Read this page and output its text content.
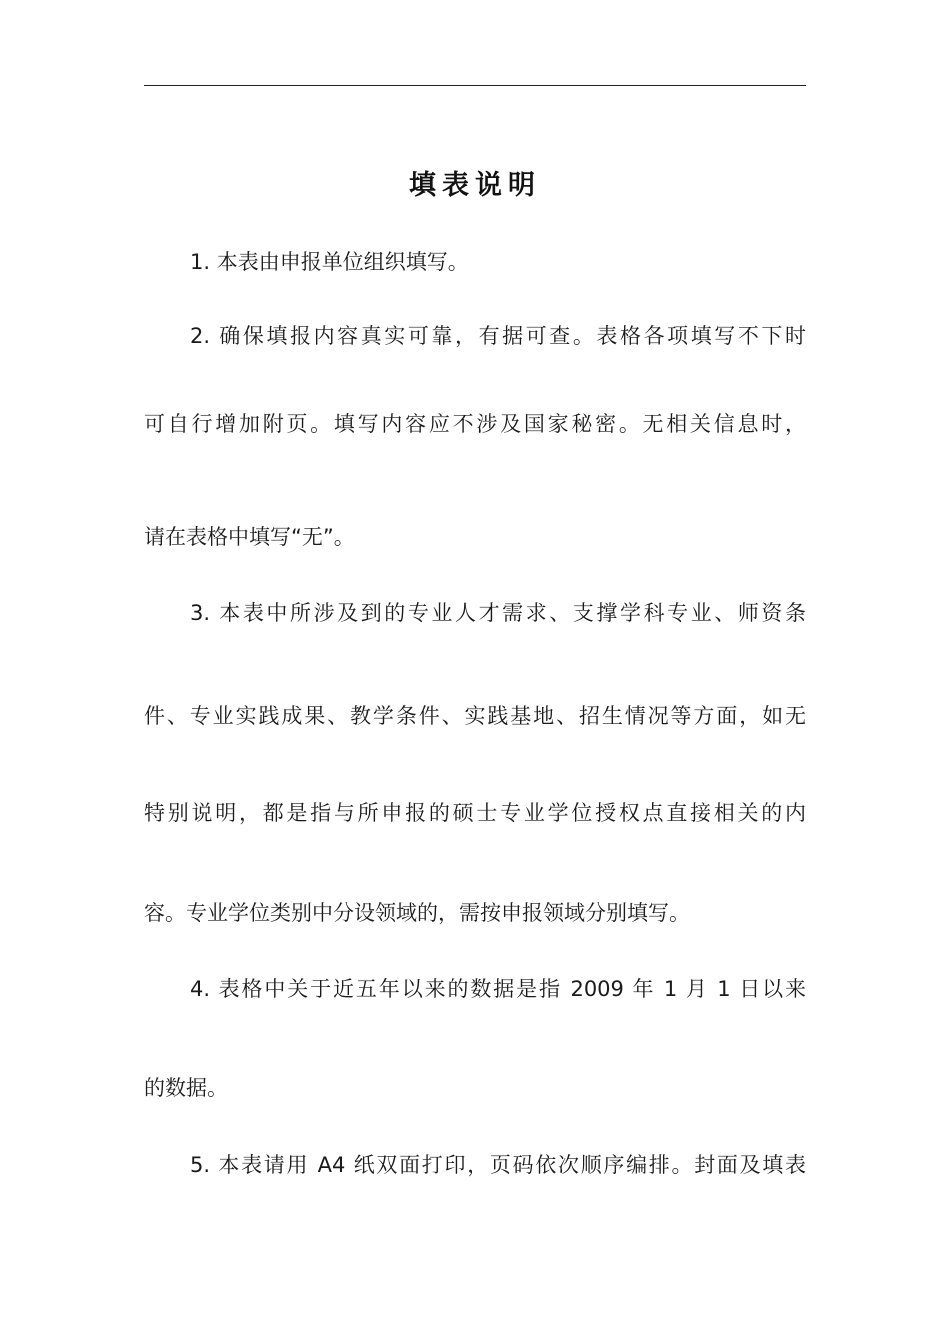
填表说明
1. 本表由申报单位组织填写。
2. 确保填报内容真实可靠，有据可查。表格各项填写不下时
可自行增加附页。填写内容应不涉及国家秘密。无相关信息时，
请在表格中填写“无”。
3. 本表中所涉及到的专业人才需求、支撑学科专业、师资条
件、专业实践成果、教学条件、实践基地、招生情况等方面，如无
特别说明，都是指与所申报的硕士专业学位授权点直接相关的内
容。专业学位类别中分设领域的，需按申报领域分别填写。
4. 表格中关于近五年以来的数据是指 2009 年 1 月 1 日以来
的数据。
5. 本表请用 A4 纸双面打印，页码依次顺序编排。封面及填表
